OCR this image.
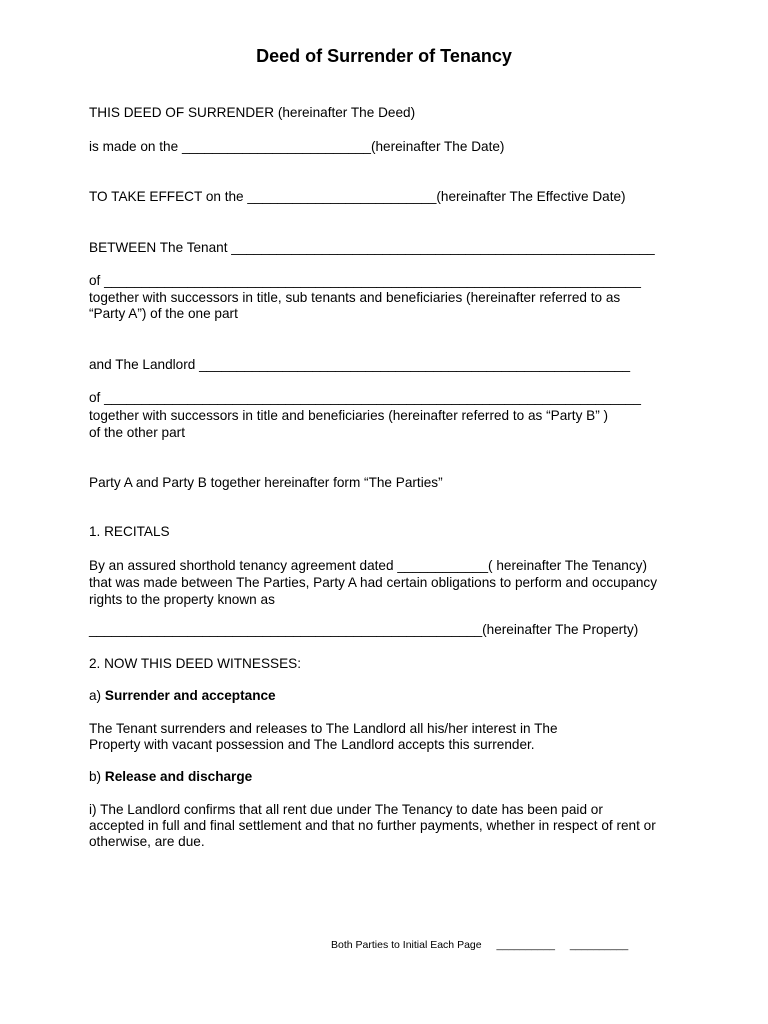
Deed of Surrender of Tenancy
THIS DEED OF SURRENDER (hereinafter The Deed)
is made on the _________________________(hereinafter The Date)
TO TAKE EFFECT on the _________________________(hereinafter The Effective Date)
BETWEEN The Tenant ________________________________________________________
of _______________________________________________________________________
together with successors in title, sub tenants and beneficiaries (hereinafter referred to as
“Party A”) of the one part
and The Landlord _________________________________________________________
of _______________________________________________________________________
together with successors in title and beneficiaries (hereinafter referred to as “Party B” )
of the other part
Party A and Party B together hereinafter form “The Parties”
1. RECITALS
By an assured shorthold tenancy agreement dated ____________( hereinafter The Tenancy)
that was made between The Parties, Party A had certain obligations to perform and occupancy
rights to the property known as
____________________________________________________(hereinafter The Property)
2. NOW THIS DEED WITNESSES:
a) Surrender and acceptance
The Tenant surrenders and releases to The Landlord all his/her interest in The
Property with vacant possession and The Landlord accepts this surrender.
b) Release and discharge
i) The Landlord confirms that all rent due under The Tenancy to date has been paid or
accepted in full and final settlement and that no further payments, whether in respect of rent or
otherwise, are due.
Both Parties to Initial Each Page __________ __________
